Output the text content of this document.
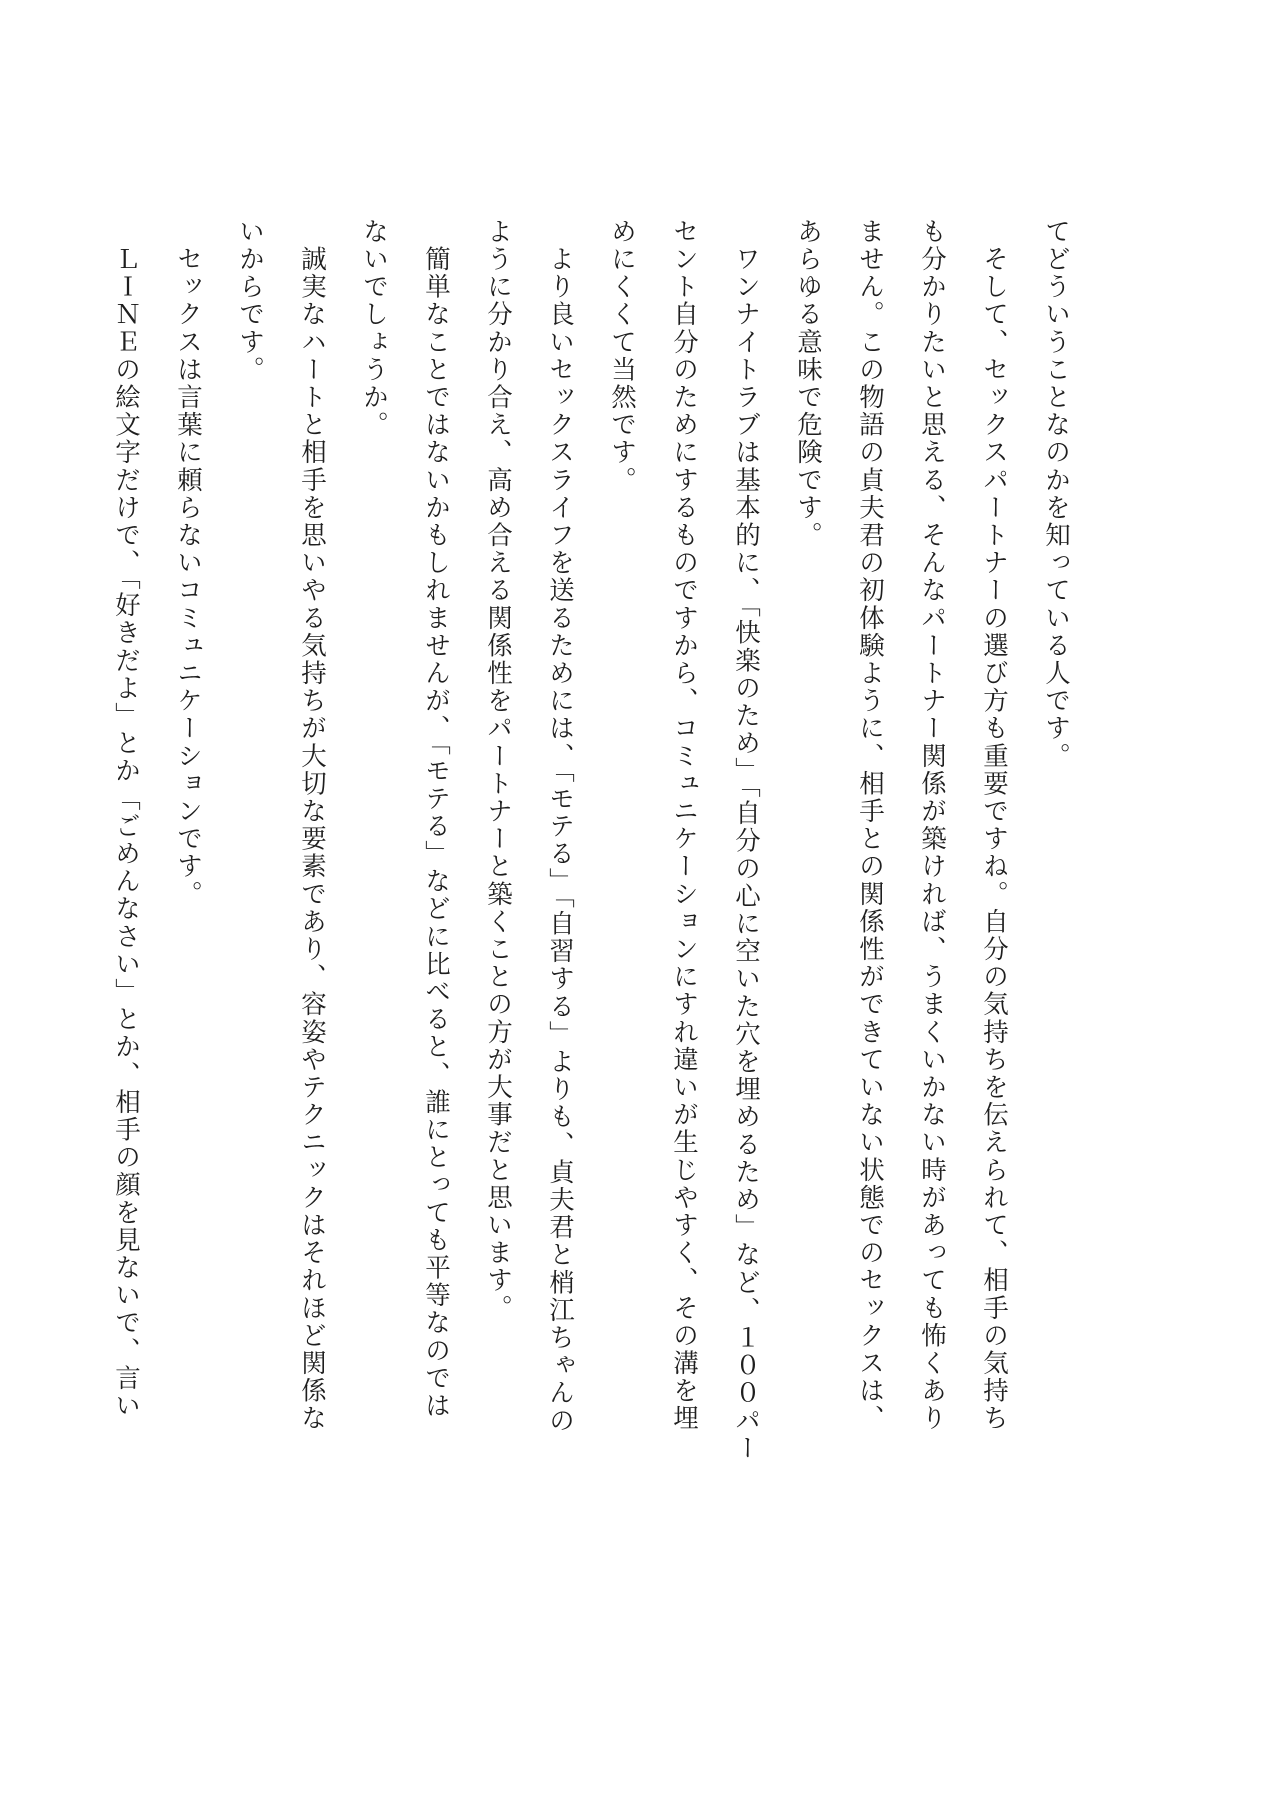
てどういうことなのかを知っている人です。

　そして、セックスパートナーの選び方も重要ですね。自分の気持ちを伝えられて、相手の気持ち

も分かりたいと思える、そんなパートナー関係が築ければ、うまくいかない時があっても怖くあり

ません。この物語の貞夫君の初体験ように、相手との関係性ができていない状態でのセックスは、

あらゆる意味で危険です。

　ワンナイトラブは基本的に、「快楽のため」「自分の心に空いた穴を埋めるため」など、１００パー

セント自分のためにするものですから、コミュニケーションにすれ違いが生じやすく、その溝を埋

めにくくて当然です。

　より良いセックスライフを送るためには、「モテる」「自習する」よりも、貞夫君と梢江ちゃんの

ように分かり合え、高め合える関係性をパートナーと築くことの方が大事だと思います。

　簡単なことではないかもしれませんが、「モテる」などに比べると、誰にとっても平等なのでは

ないでしょうか。

　誠実なハートと相手を思いやる気持ちが大切な要素であり、容姿やテクニックはそれほど関係な

いからです。

　セックスは言葉に頼らないコミュニケーションです。

　ＬＩＮＥの絵文字だけで、「好きだよ」とか「ごめんなさい」とか、相手の顔を見ないで、言い
